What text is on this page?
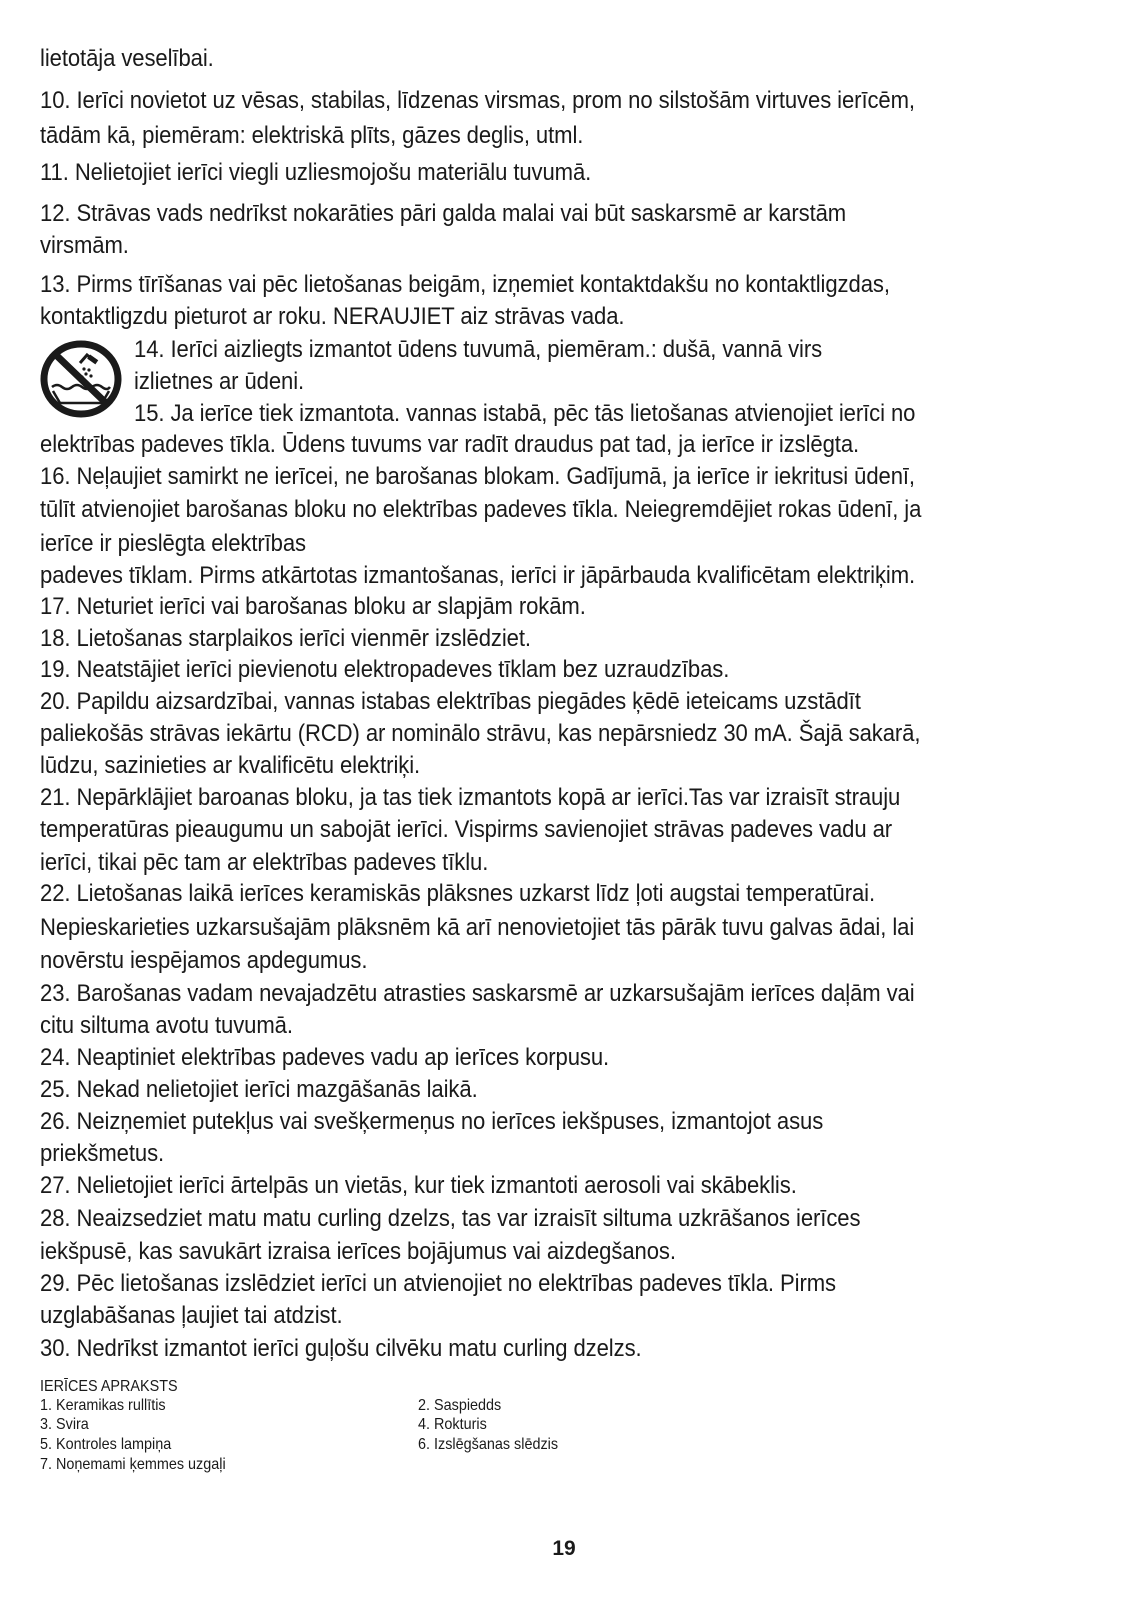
lietotāja veselībai.
10. Ierīci novietot uz vēsas, stabilas, līdzenas virsmas, prom no silstošām virtuves ierīcēm,
tādām kā, piemēram: elektriskā plīts, gāzes deglis, utml.
11. Nelietojiet ierīci viegli uzliesmojošu materiālu tuvumā.
12. Strāvas vads nedrīkst nokarāties pāri galda malai vai būt saskarsmē ar karstām
virsmām.
13. Pirms tīrīšanas vai pēc lietošanas beigām, izņemiet kontaktdakšu no kontaktligzdas,
kontaktligzdu pieturot ar roku. NERAUJIET aiz strāvas vada.
14. Ierīci aizliegts izmantot ūdens tuvumā, piemēram.: dušā, vannā virs
izlietnes ar ūdeni.
15. Ja ierīce tiek izmantota. vannas istabā, pēc tās lietošanas atvienojiet ierīci no
elektrības padeves tīkla. Ūdens tuvums var radīt draudus pat tad, ja ierīce ir izslēgta.
16. Neļaujiet samirkt ne ierīcei, ne barošanas blokam. Gadījumā, ja ierīce ir iekritusi ūdenī,
tūlīt atvienojiet barošanas bloku no elektrības padeves tīkla. Neiegremdējiet rokas ūdenī, ja
ierīce ir pieslēgta elektrības
padeves tīklam. Pirms atkārtotas izmantošanas, ierīci ir jāpārbauda kvalificētam elektriķim.
17. Neturiet ierīci vai barošanas bloku ar slapjām rokām.
18. Lietošanas starplaikos ierīci vienmēr izslēdziet.
19. Neatstājiet ierīci pievienotu elektropadeves tīklam bez uzraudzības.
20. Papildu aizsardzībai, vannas istabas elektrības piegādes ķēdē ieteicams uzstādīt
paliekošās strāvas iekārtu (RCD) ar nominālo strāvu, kas nepārsniedz 30 mA. Šajā sakarā,
lūdzu, sazinieties ar kvalificētu elektriķi.
21. Nepārklājiet baroanas bloku, ja tas tiek izmantots kopā ar ierīci.Tas var izraisīt strauju
temperatūras pieaugumu un sabojāt ierīci. Vispirms savienojiet strāvas padeves vadu ar
ierīci, tikai pēc tam ar elektrības padeves tīklu.
22. Lietošanas laikā ierīces keramiskās plāksnes uzkarst līdz ļoti augstai temperatūrai.
Nepieskarieties uzkarsušajām plāksnēm kā arī nenovietojiet tās pārāk tuvu galvas ādai, lai
novērstu iespējamos apdegumus.
23. Barošanas vadam nevajadzētu atrasties saskarsmē ar uzkarsušajām ierīces daļām vai
citu siltuma avotu tuvumā.
24. Neaptiniet elektrības padeves vadu ap ierīces korpusu.
25. Nekad nelietojiet ierīci mazgāšanās laikā.
26. Neizņemiet putekļus vai svešķermeņus no ierīces iekšpuses, izmantojot asus
priekšmetus.
27. Nelietojiet ierīci ārtelpās un vietās, kur tiek izmantoti aerosoli vai skābeklis.
28. Neaizsedziet matu matu curling dzelzs, tas var izraisīt siltuma uzkrāšanos ierīces
iekšpusē, kas savukārt izraisa ierīces bojājumus vai aizdegšanos.
29. Pēc lietošanas izslēdziet ierīci un atvienojiet no elektrības padeves tīkla. Pirms
uzglabāšanas ļaujiet tai atdzist.
30. Nedrīkst izmantot ierīci guļošu cilvēku matu curling dzelzs.
IERĪCES APRAKSTS
1. Keramikas rullītis	2. Saspiedds
3. Svira	4. Rokturis
5. Kontroles lampiņa	6. Izslēgšanas slēdzis
7. Noņemami ķemmes uzgaļi
19
